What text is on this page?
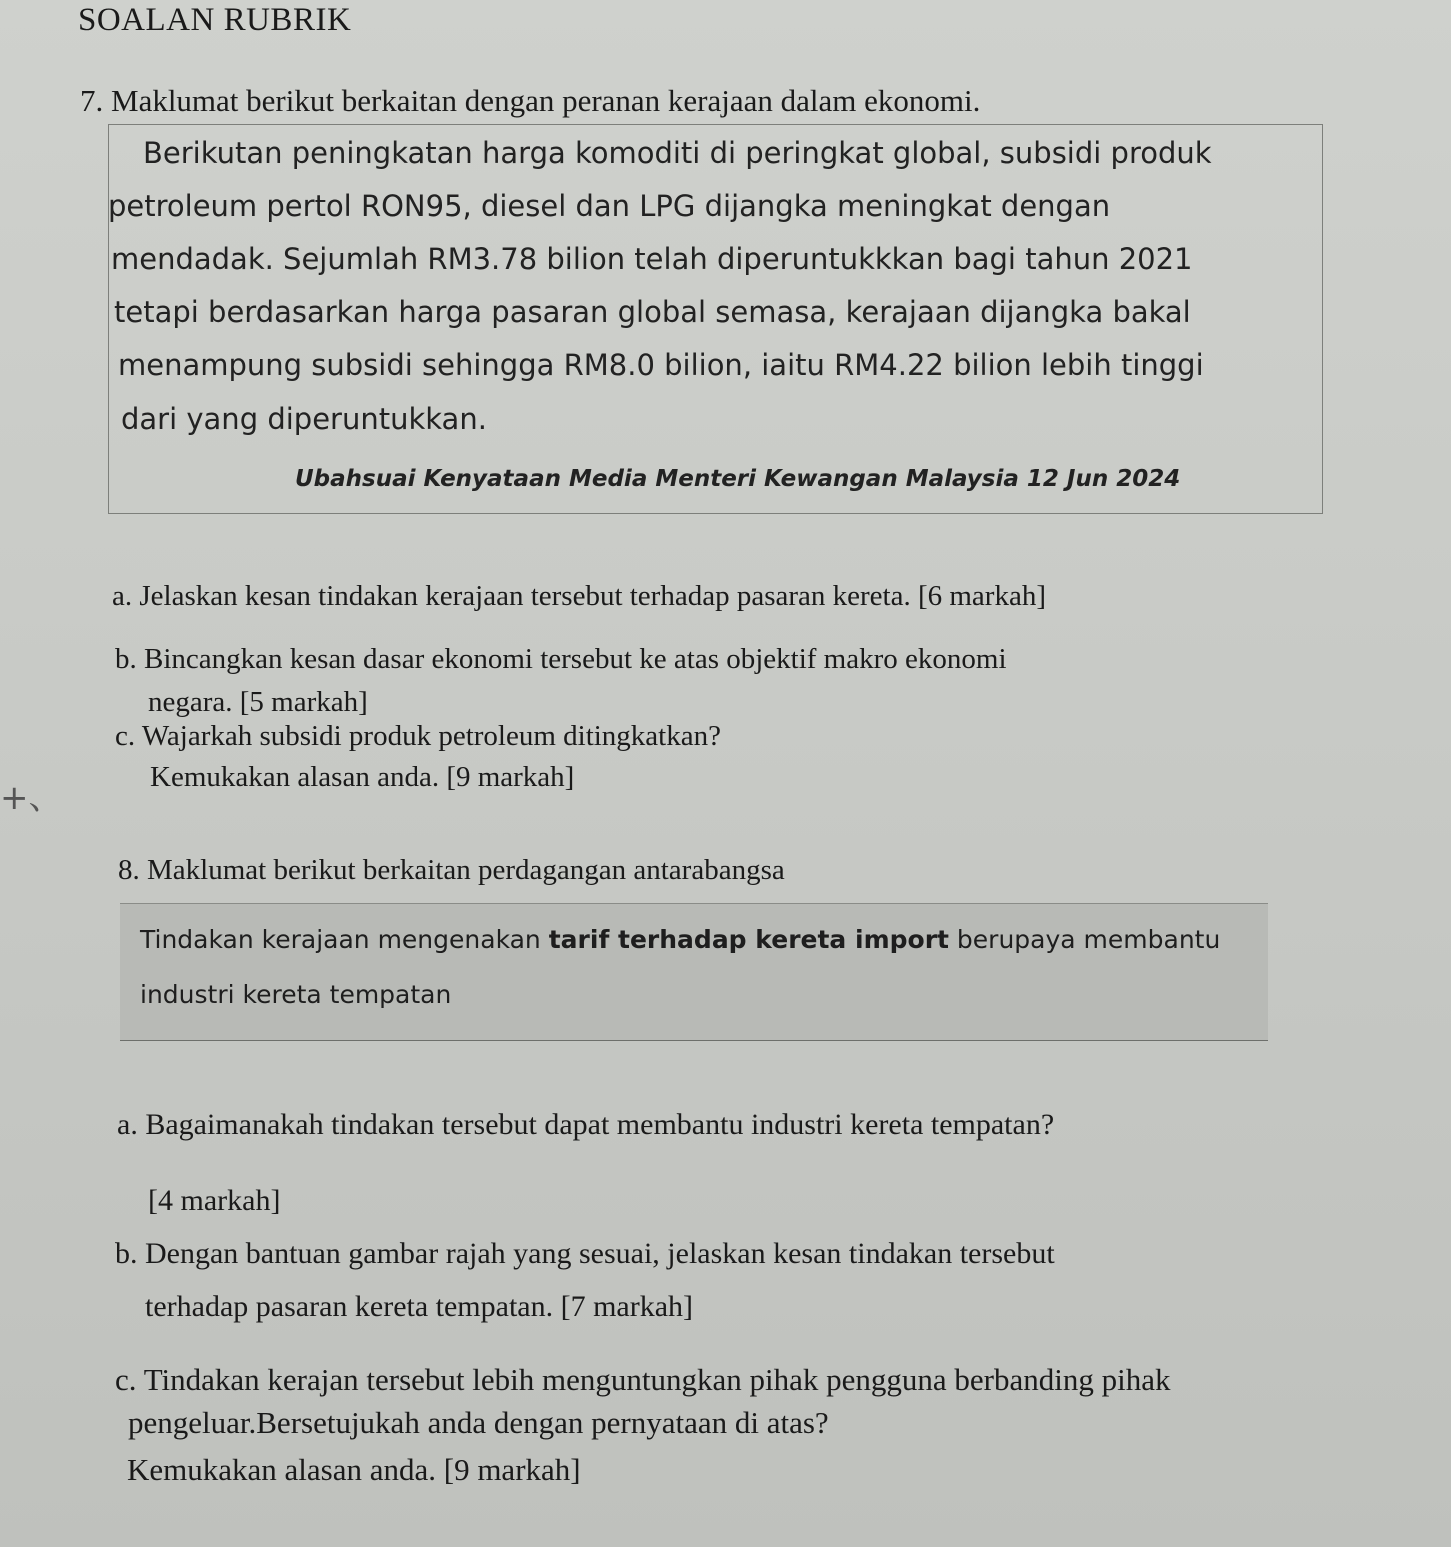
SOALAN RUBRIK
7. Maklumat berikut berkaitan dengan peranan kerajaan dalam ekonomi.
Berikutan peningkatan harga komoditi di peringkat global, subsidi produk
petroleum pertol RON95, diesel dan LPG dijangka meningkat dengan
mendadak. Sejumlah RM3.78 bilion telah diperuntukkkan bagi tahun 2021
tetapi berdasarkan harga pasaran global semasa, kerajaan dijangka bakal
menampung subsidi sehingga RM8.0 bilion, iaitu RM4.22 bilion lebih tinggi
dari yang diperuntukkan.
Ubahsuai Kenyataan Media Menteri Kewangan Malaysia 12 Jun 2024
a. Jelaskan kesan tindakan kerajaan tersebut terhadap pasaran kereta. [6 markah]
b. Bincangkan kesan dasar ekonomi tersebut ke atas objektif makro ekonomi
negara. [5 markah]
c. Wajarkah subsidi produk petroleum ditingkatkan?
Kemukakan alasan anda. [9 markah]
+、
8. Maklumat berikut berkaitan perdagangan antarabangsa
Tindakan kerajaan mengenakan tarif terhadap kereta import berupaya membantu
industri kereta tempatan
a. Bagaimanakah tindakan tersebut dapat membantu industri kereta tempatan?
[4 markah]
b. Dengan bantuan gambar rajah yang sesuai, jelaskan kesan tindakan tersebut
terhadap pasaran kereta tempatan. [7 markah]
c. Tindakan kerajan tersebut lebih menguntungkan pihak pengguna berbanding pihak
pengeluar.Bersetujukah anda dengan pernyataan di atas?
Kemukakan alasan anda. [9 markah]
